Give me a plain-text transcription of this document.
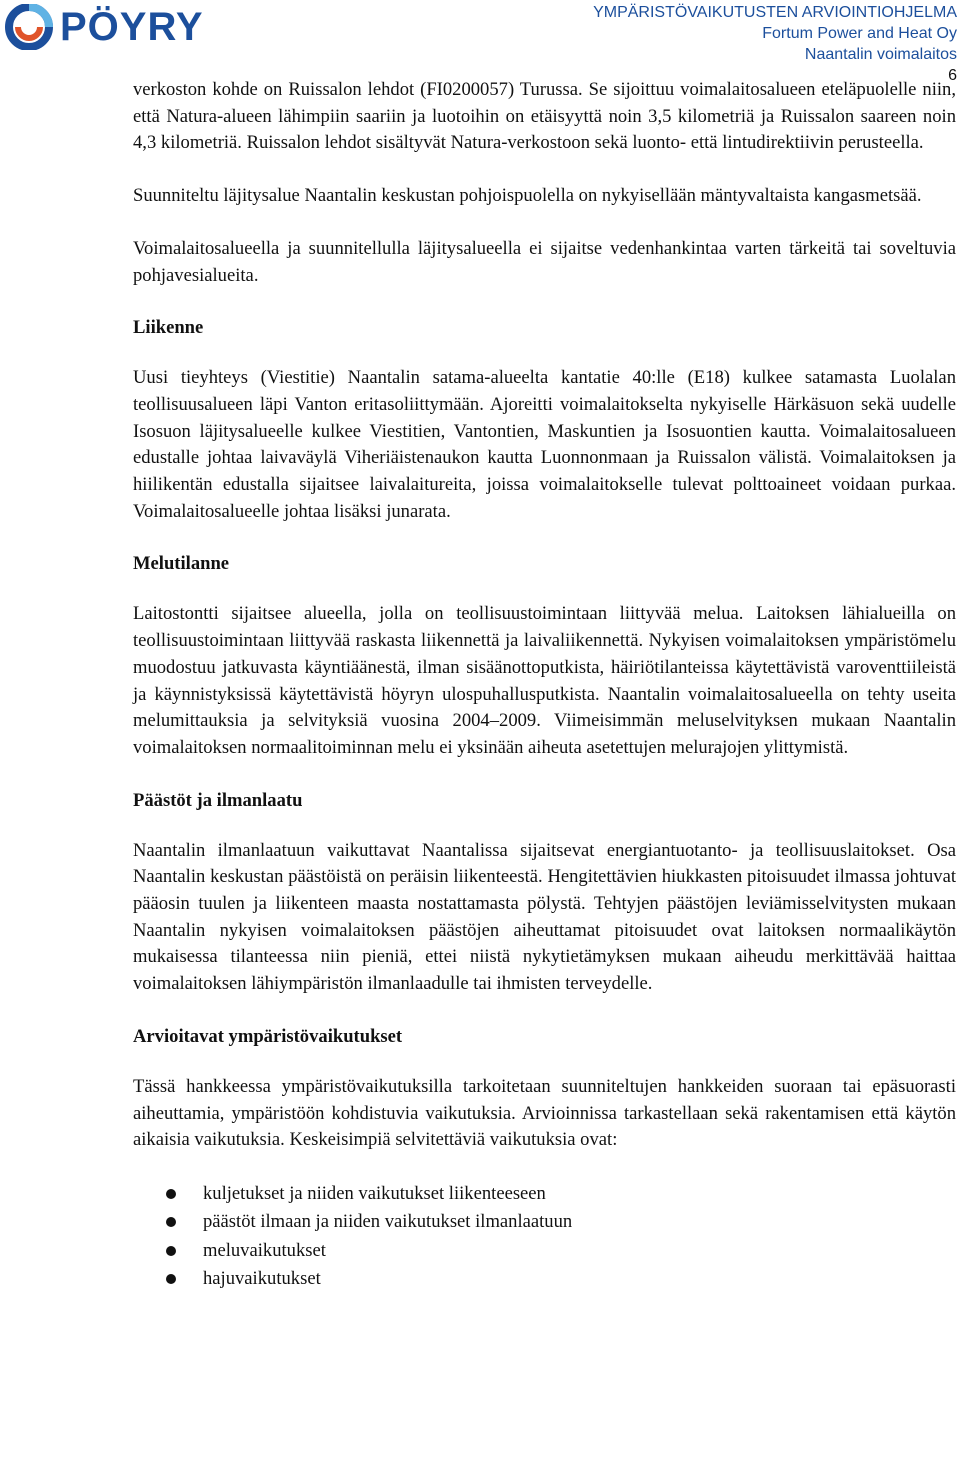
PÖYRY	YMPÄRISTÖVAIKUTUSTEN ARVIOINTIOHJELMA
Fortum Power and Heat Oy
Naantalin voimalaitos
6

verkoston kohde on Ruissalon lehdot (FI0200057) Turussa. Se sijoittuu voimalaitosalueen eteläpuolelle niin, että Natura-alueen lähimpiin saariin ja luotoihin on etäisyyttä noin 3,5 kilometriä ja Ruissalon saareen noin 4,3 kilometriä. Ruissalon lehdot sisältyvät Natura-verkostoon sekä luonto- että lintudirektiivin perusteella.

Suunniteltu läjitysalue Naantalin keskustan pohjoispuolella on nykyisellään mäntyvaltaista kangasmetsää.

Voimalaitosalueella ja suunnitellulla läjitysalueella ei sijaitse vedenhankintaa varten tärkeitä tai soveltuvia pohjavesialueita.

Liikenne

Uusi tieyhteys (Viestitie) Naantalin satama-alueelta kantatie 40:lle (E18) kulkee satamasta Luolalan teollisuusalueen läpi Vanton eritasoliittymään. Ajoreitti voimalaitokselta nykyiselle Härkäsuon sekä uudelle Isosuon läjitysalueelle kulkee Viestitien, Vantontien, Maskuntien ja Isosuontien kautta. Voimalaitosalueen edustalle johtaa laivaväylä Viheriäistenaukon kautta Luonnonmaan ja Ruissalon välistä. Voimalaitoksen ja hiilikentän edustalla sijaitsee laivalaitureita, joissa voimalaitokselle tulevat polttoaineet voidaan purkaa. Voimalaitosalueelle johtaa lisäksi junarata.

Melutilanne

Laitostontti sijaitsee alueella, jolla on teollisuustoimintaan liittyvää melua. Laitoksen lähialueilla on teollisuustoimintaan liittyvää raskasta liikennettä ja laivaliikennettä. Nykyisen voimalaitoksen ympäristömelu muodostuu jatkuvasta käyntiäänestä, ilman sisäänottoputkista, häiriötilanteissa käytettävistä varoventtiileistä ja käynnistyksissä käytettävistä höyryn ulospuhallusputkista. Naantalin voimalaitosalueella on tehty useita melumittauksia ja selvityksiä vuosina 2004–2009. Viimeisimmän meluselvityksen mukaan Naantalin voimalaitoksen normaalitoiminnan melu ei yksinään aiheuta asetettujen melurajojen ylittymistä.

Päästöt ja ilmanlaatu

Naantalin ilmanlaatuun vaikuttavat Naantalissa sijaitsevat energiantuotanto- ja teollisuuslaitokset. Osa Naantalin keskustan päästöistä on peräisin liikenteestä. Hengitettävien hiukkasten pitoisuudet ilmassa johtuvat pääosin tuulen ja liikenteen maasta nostattamasta pölystä. Tehtyjen päästöjen leviämisselvitysten mukaan Naantalin nykyisen voimalaitoksen päästöjen aiheuttamat pitoisuudet ovat laitoksen normaalikäytön mukaisessa tilanteessa niin pieniä, ettei niistä nykytietämyksen mukaan aiheudu merkittävää haittaa voimalaitoksen lähiympäristön ilmanlaadulle tai ihmisten terveydelle.

Arvioitavat ympäristövaikutukset

Tässä hankkeessa ympäristövaikutuksilla tarkoitetaan suunniteltujen hankkeiden suoraan tai epäsuorasti aiheuttamia, ympäristöön kohdistuvia vaikutuksia. Arvioinnissa tarkastellaan sekä rakentamisen että käytön aikaisia vaikutuksia. Keskeisimpiä selvitettäviä vaikutuksia ovat:

kuljetukset ja niiden vaikutukset liikenteeseen
päästöt ilmaan ja niiden vaikutukset ilmanlaatuun
meluvaikutukset
hajuvaikutukset
